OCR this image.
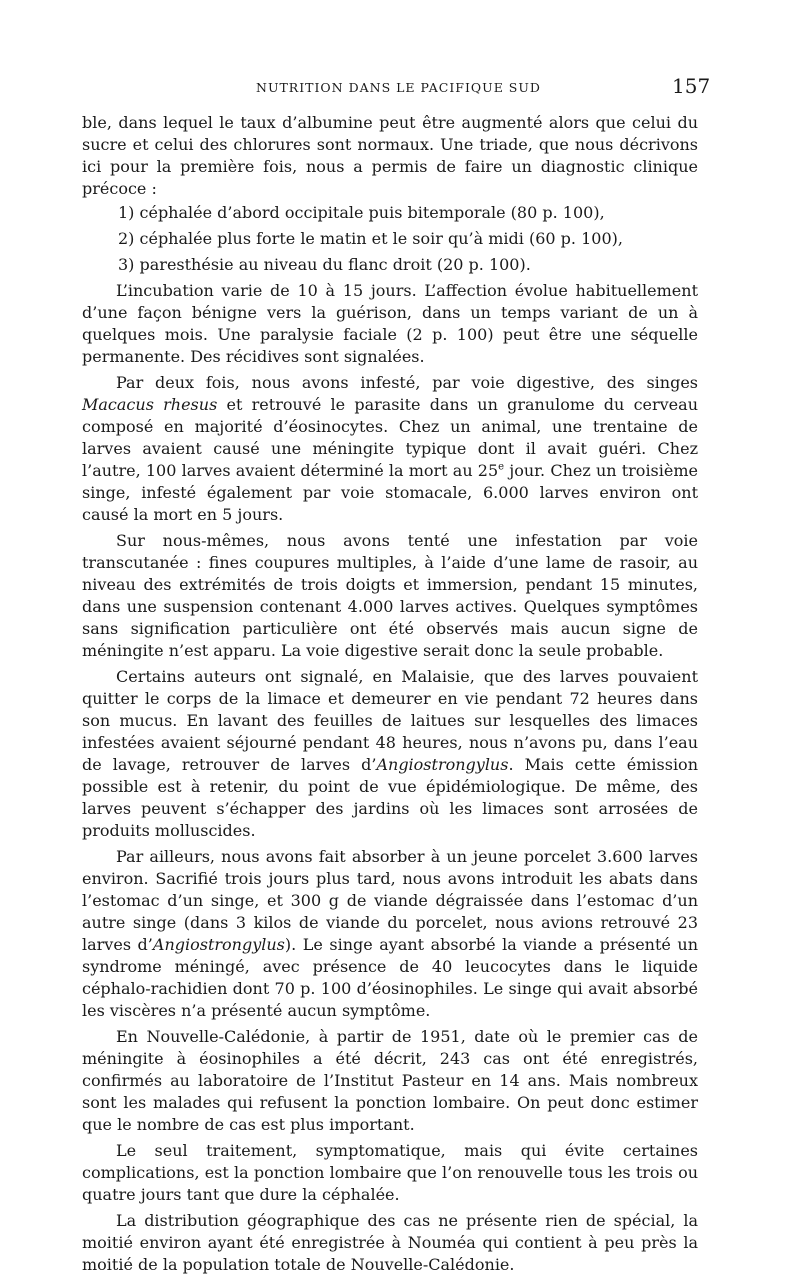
NUTRITION DANS LE PACIFIQUE SUD	157

ble, dans lequel le taux d’albumine peut être augmenté alors que celui du sucre et celui des chlorures sont normaux. Une triade, que nous décrivons ici pour la première fois, nous a permis de faire un diagnostic clinique précoce :

1) céphalée d’abord occipitale puis bitemporale (80 p. 100),
2) céphalée plus forte le matin et le soir qu’à midi (60 p. 100),
3) paresthésie au niveau du flanc droit (20 p. 100).

L’incubation varie de 10 à 15 jours. L’affection évolue habituellement d’une façon bénigne vers la guérison, dans un temps variant de un à quelques mois. Une paralysie faciale (2 p. 100) peut être une séquelle permanente. Des récidives sont signalées.

Par deux fois, nous avons infesté, par voie digestive, des singes Macacus rhesus et retrouvé le parasite dans un granulome du cerveau composé en majorité d’éosinocytes. Chez un animal, une trentaine de larves avaient causé une méningite typique dont il avait guéri. Chez l’autre, 100 larves avaient déterminé la mort au 25e jour. Chez un troisième singe, infesté également par voie stomacale, 6.000 larves environ ont causé la mort en 5 jours.

Sur nous-mêmes, nous avons tenté une infestation par voie transcutanée : fines coupures multiples, à l’aide d’une lame de rasoir, au niveau des extrémités de trois doigts et immersion, pendant 15 minutes, dans une suspension contenant 4.000 larves actives. Quelques symptômes sans signification particulière ont été observés mais aucun signe de méningite n’est apparu. La voie digestive serait donc la seule probable.

Certains auteurs ont signalé, en Malaisie, que des larves pouvaient quitter le corps de la limace et demeurer en vie pendant 72 heures dans son mucus. En lavant des feuilles de laitues sur lesquelles des limaces infestées avaient séjourné pendant 48 heures, nous n’avons pu, dans l’eau de lavage, retrouver de larves d’Angiostrongylus. Mais cette émission possible est à retenir, du point de vue épidémiologique. De même, des larves peuvent s’échapper des jardins où les limaces sont arrosées de produits molluscides.

Par ailleurs, nous avons fait absorber à un jeune porcelet 3.600 larves environ. Sacrifié trois jours plus tard, nous avons introduit les abats dans l’estomac d’un singe, et 300 g de viande dégraissée dans l’estomac d’un autre singe (dans 3 kilos de viande du porcelet, nous avions retrouvé 23 larves d’Angiostrongylus). Le singe ayant absorbé la viande a présenté un syndrome méningé, avec présence de 40 leucocytes dans le liquide céphalo-rachidien dont 70 p. 100 d’éosinophiles. Le singe qui avait absorbé les viscères n’a présenté aucun symptôme.

En Nouvelle-Calédonie, à partir de 1951, date où le premier cas de méningite à éosinophiles a été décrit, 243 cas ont été enregistrés, confirmés au laboratoire de l’Institut Pasteur en 14 ans. Mais nombreux sont les malades qui refusent la ponction lombaire. On peut donc estimer que le nombre de cas est plus important.

Le seul traitement, symptomatique, mais qui évite certaines complications, est la ponction lombaire que l’on renouvelle tous les trois ou quatre jours tant que dure la céphalée.

La distribution géographique des cas ne présente rien de spécial, la moitié environ ayant été enregistrée à Nouméa qui contient à peu près la moitié de la population totale de Nouvelle-Calédonie.
